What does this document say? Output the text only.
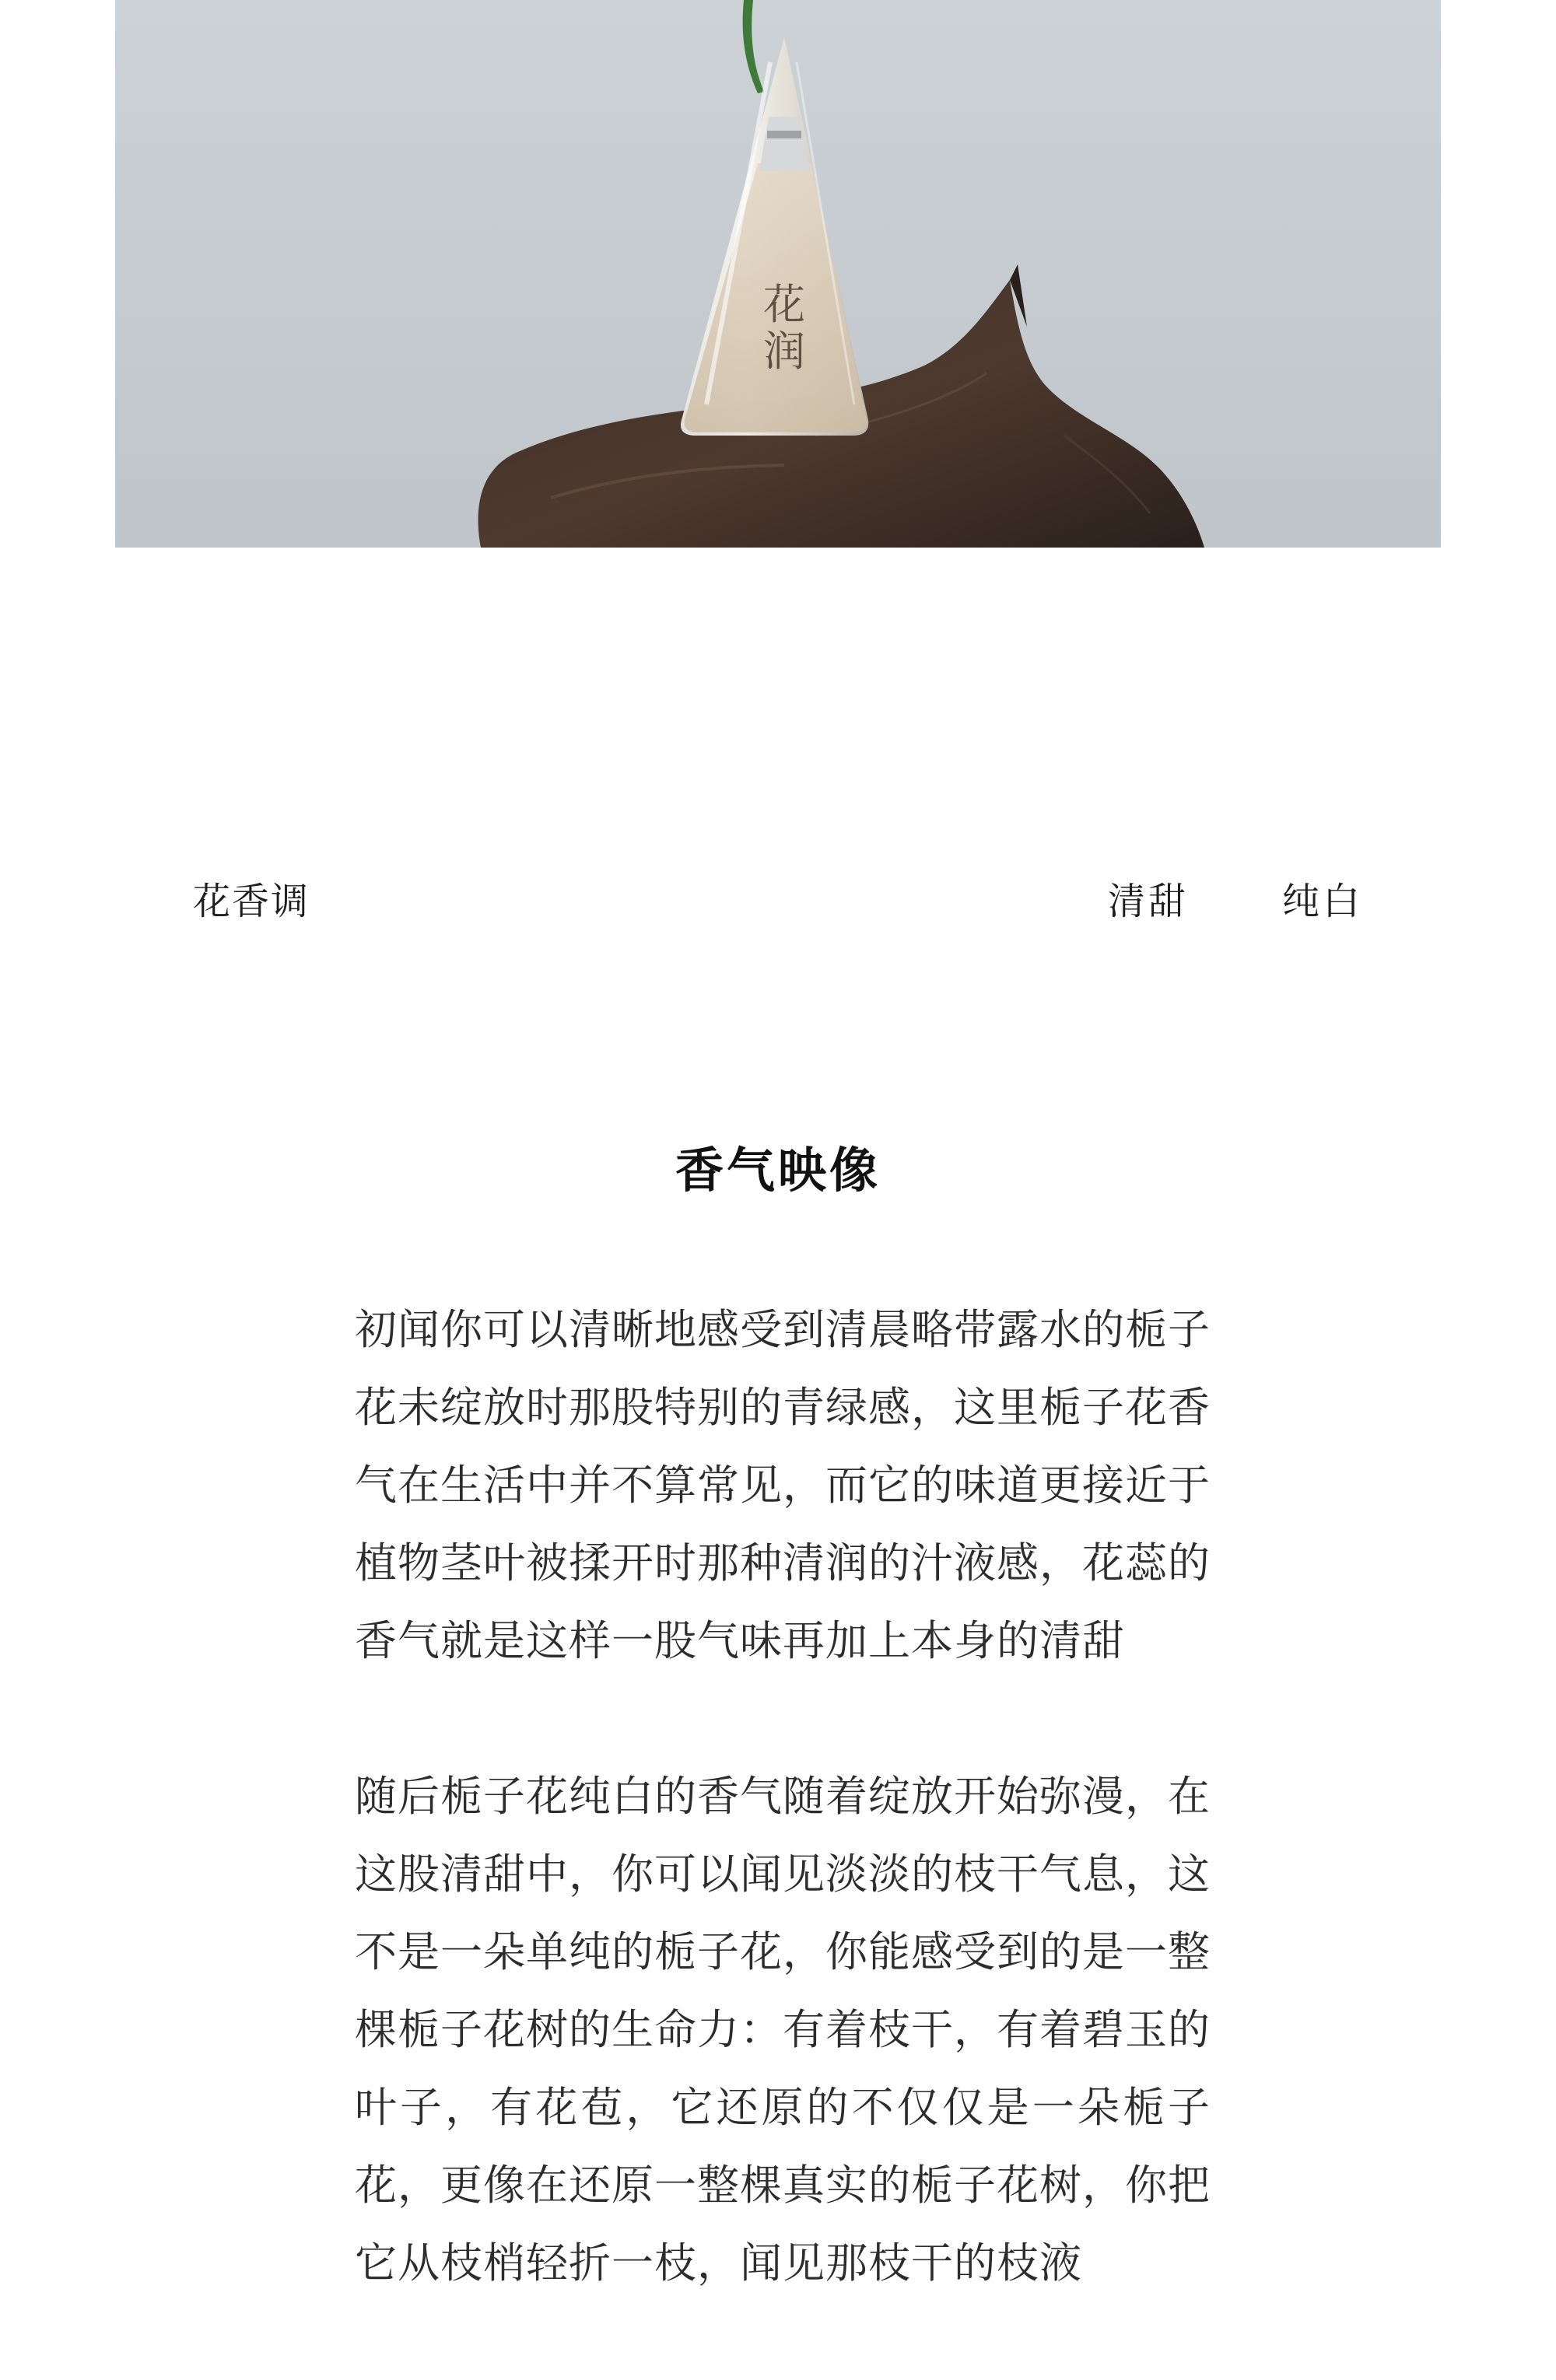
花
润
花香调	清甜	纯白
香气映像

初闻你可以清晰地感受到清晨略带露水的栀子花未绽放时那股特别的青绿感，这里栀子花香气在生活中并不算常见，而它的味道更接近于植物茎叶被揉开时那种清润的汁液感，花蕊的香气就是这样一股气味再加上本身的清甜

随后栀子花纯白的香气随着绽放开始弥漫，在这股清甜中，你可以闻见淡淡的枝干气息，这不是一朵单纯的栀子花，你能感受到的是一整棵栀子花树的生命力：有着枝干，有着碧玉的叶子，有花苞，它还原的不仅仅是一朵栀子花，更像在还原一整棵真实的栀子花树，你把它从枝梢轻折一枝，闻见那枝干的枝液
